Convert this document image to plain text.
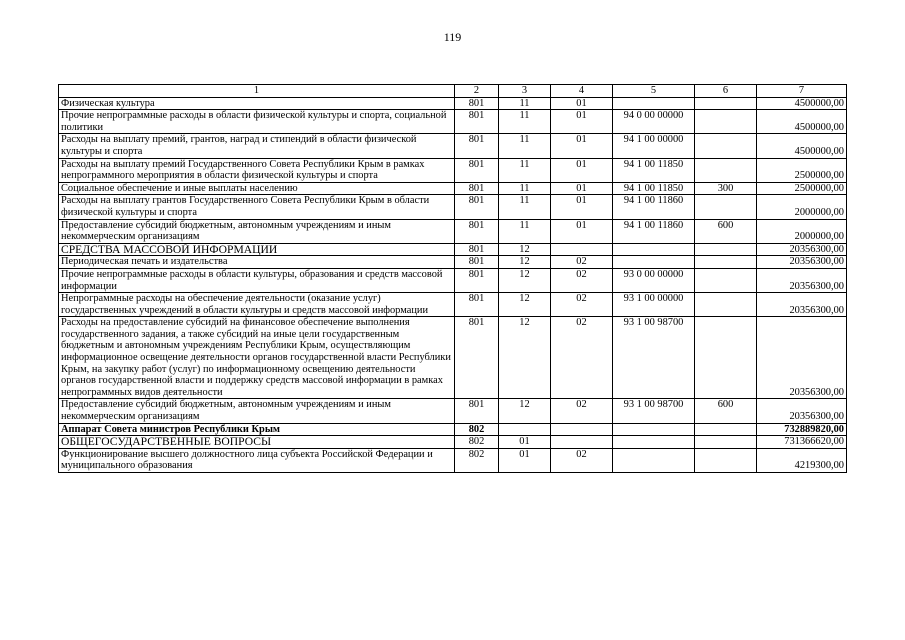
119
1	2	3	4	5	6	7
Физическая культура	801	11	01			4500000,00
Прочие непрограммные расходы в области физической культуры и спорта, социальной политики	801	11	01	94 0 00 00000		4500000,00
Расходы на выплату премий, грантов, наград и стипендий в области физической культуры и спорта	801	11	01	94 1 00 00000		4500000,00
Расходы на выплату премий Государственного Совета Республики Крым в рамках непрограммного мероприятия в области физической культуры и спорта	801	11	01	94 1 00 11850		2500000,00
Социальное обеспечение и иные выплаты населению	801	11	01	94 1 00 11850	300	2500000,00
Расходы на выплату грантов Государственного Совета Республики Крым в области физической культуры и спорта	801	11	01	94 1 00 11860		2000000,00
Предоставление субсидий бюджетным, автономным учреждениям и иным некоммерческим организациям	801	11	01	94 1 00 11860	600	2000000,00
СРЕДСТВА МАССОВОЙ ИНФОРМАЦИИ	801	12				20356300,00
Периодическая печать и издательства	801	12	02			20356300,00
Прочие непрограммные расходы в области культуры, образования и средств массовой информации	801	12	02	93 0 00 00000		20356300,00
Непрограммные расходы на обеспечение деятельности (оказание услуг) государственных учреждений в области культуры и средств массовой информации	801	12	02	93 1 00 00000		20356300,00
Расходы на предоставление субсидий на финансовое обеспечение выполнения государственного задания, а также субсидий на иные цели государственным бюджетным и автономным учреждениям Республики Крым, осуществляющим информационное освещение деятельности органов государственной власти Республики Крым, на закупку работ (услуг) по информационному освещению деятельности органов государственной власти и поддержку средств массовой информации в рамках непрограммных видов деятельности	801	12	02	93 1 00 98700		20356300,00
Предоставление субсидий бюджетным, автономным учреждениям и иным некоммерческим организациям	801	12	02	93 1 00 98700	600	20356300,00
Аппарат Совета министров Республики Крым	802					732889820,00
ОБЩЕГОСУДАРСТВЕННЫЕ ВОПРОСЫ	802	01				731366620,00
Функционирование высшего должностного лица субъекта Российской Федерации и муниципального образования	802	01	02			4219300,00
